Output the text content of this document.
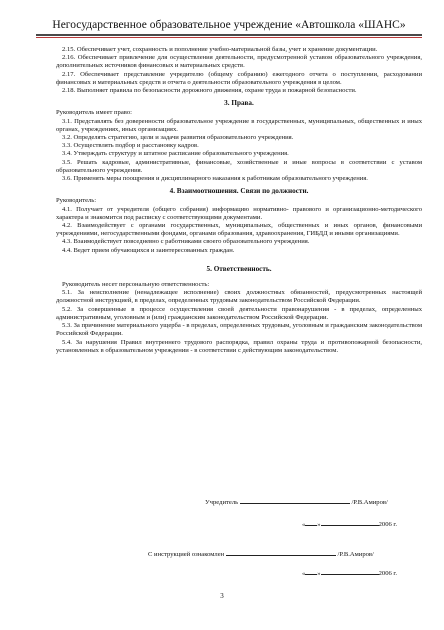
Негосударственное образовательное учреждение «Автошкола «ШАНС»

2.15. Обеспечивает учет, сохранность и пополнение учебно-материальной базы, учет и хранение документации.

2.16. Обеспечивает привлечение для осуществления деятельности, предусмотренной уставом образовательного учреждения, дополнительных источников финансовых и материальных средств.

2.17. Обеспечивает представление учредителю (общему собранию) ежегодного отчета о поступлении, расходовании финансовых и материальных средств и отчета о деятельности образовательного учреждения в целом.

2.18. Выполняет правила по безопасности дорожного движения, охране труда и пожарной безопасности.

3. Права.

Руководитель имеет право:

3.1. Представлять без доверенности образовательное учреждение в государственных, муниципальных, общественных и иных органах, учреждениях, иных организациях.

3.2. Определять стратегию, цели и задачи развития образовательного учреждения.

3.3. Осуществлять подбор и расстановку кадров.

3.4. Утверждать структуру и штатное расписание образовательного учреждения.

3.5. Решать кадровые, административные, финансовые, хозяйственные и иные вопросы в соответствии с уставом образовательного учреждения.

3.6. Применять меры поощрения и дисциплинарного наказания к работникам образовательного учреждения.

4. Взаимоотношения. Связи по должности.

Руководитель:

4.1. Получает от учредителя (общего собрания) информацию нормативно- правового и организационно-методического характера и знакомится под расписку с соответствующими документами.

4.2. Взаимодействует с органами государственных, муниципальных, общественных и иных органов, финансовыми учреждениями, негосударственными фондами, органами образования, здравоохранения, ГИБДД и иными организациями.

4.3. Взаимодействует повседневно с работниками своего образовательного учреждения.

4.4. Ведет прием обучающихся и заинтересованных граждан.

5. Ответственность.

Руководитель несет персональную ответственность:

5.1. За неисполнение (ненадлежащее исполнение) своих должностных обязанностей, предусмотренных настоящей должностной инструкцией, в пределах, определенных трудовым законодательством Российской Федерации.

5.2. За совершенные в процессе осуществления своей деятельности правонарушения - в пределах, определенных административным, уголовным и (или) гражданским законодательством Российской Федерации.

5.3. За причинение материального ущерба - в пределах, определенных трудовым, уголовным и гражданским законодательством Российской Федерации.

5.4. За нарушения Правил внутреннего трудового распорядка, правил охраны труда и противопожарной безопасности, установленных в образовательном учреждении - в соответствии с действующим законодательством.

Учредитель	/Р.В.Амиров/
« »	2006 г.
С инструкцией ознакомлен	/Р.В.Амиров/
« »	2006 г.
3
